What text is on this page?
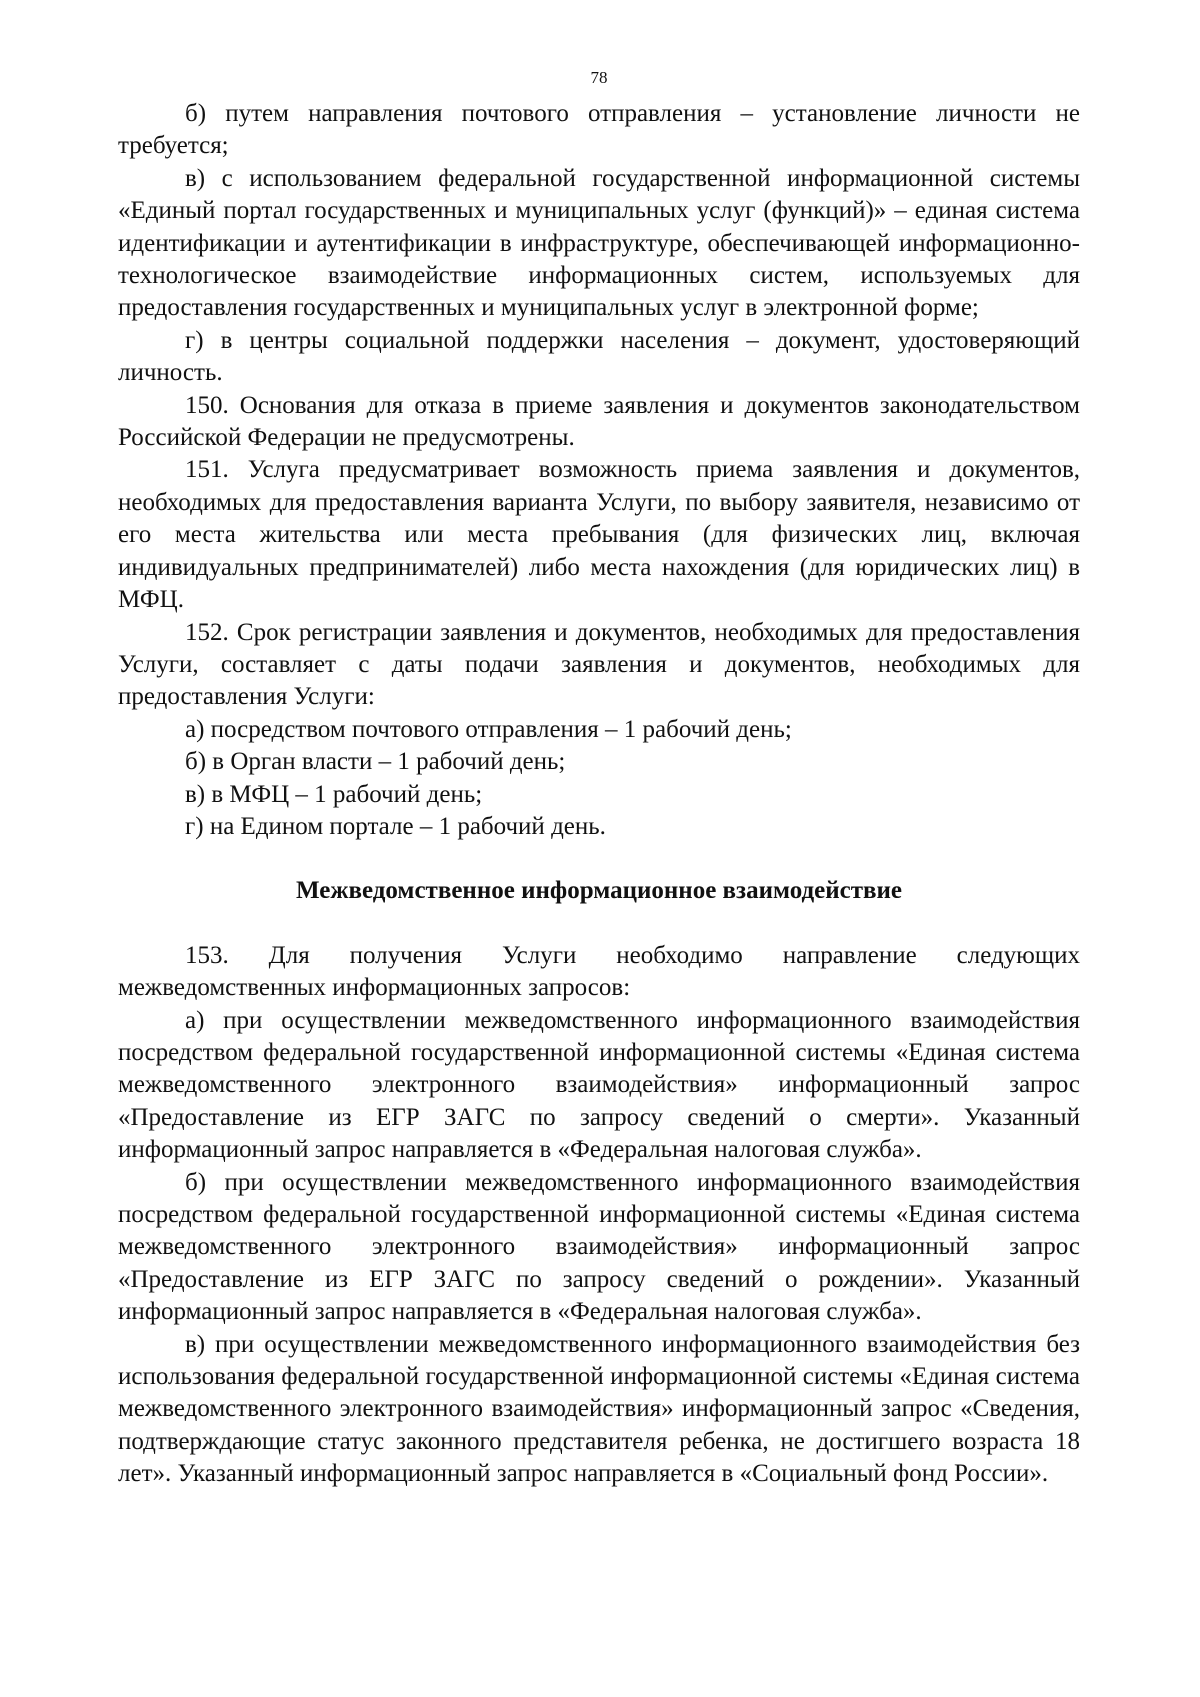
78

б) путем направления почтового отправления – установление личности не требуется;

в) с использованием федеральной государственной информационной системы «Единый портал государственных и муниципальных услуг (функций)» – единая система идентификации и аутентификации в инфраструктуре, обеспечивающей информационно-технологическое взаимодействие информационных систем, используемых для предоставления государственных и муниципальных услуг в электронной форме;

г) в центры социальной поддержки населения – документ, удостоверяющий личность.

150. Основания для отказа в приеме заявления и документов законодательством Российской Федерации не предусмотрены.

151. Услуга предусматривает возможность приема заявления и документов, необходимых для предоставления варианта Услуги, по выбору заявителя, независимо от его места жительства или места пребывания (для физических лиц, включая индивидуальных предпринимателей) либо места нахождения (для юридических лиц) в МФЦ.

152. Срок регистрации заявления и документов, необходимых для предоставления Услуги, составляет с даты подачи заявления и документов, необходимых для предоставления Услуги:

а) посредством почтового отправления – 1 рабочий день;

б) в Орган власти – 1 рабочий день;

в) в МФЦ – 1 рабочий день;

г) на Едином портале – 1 рабочий день.

Межведомственное информационное взаимодействие

153. Для получения Услуги необходимо направление следующих межведомственных информационных запросов:

а) при осуществлении межведомственного информационного взаимодействия посредством федеральной государственной информационной системы «Единая система межведомственного электронного взаимодействия» информационный запрос «Предоставление из ЕГР ЗАГС по запросу сведений о смерти». Указанный информационный запрос направляется в «Федеральная налоговая служба».

б) при осуществлении межведомственного информационного взаимодействия посредством федеральной государственной информационной системы «Единая система межведомственного электронного взаимодействия» информационный запрос «Предоставление из ЕГР ЗАГС по запросу сведений о рождении». Указанный информационный запрос направляется в «Федеральная налоговая служба».

в) при осуществлении межведомственного информационного взаимодействия без использования федеральной государственной информационной системы «Единая система межведомственного электронного взаимодействия» информационный запрос «Сведения, подтверждающие статус законного представителя ребенка, не достигшего возраста 18 лет». Указанный информационный запрос направляется в «Социальный фонд России».
